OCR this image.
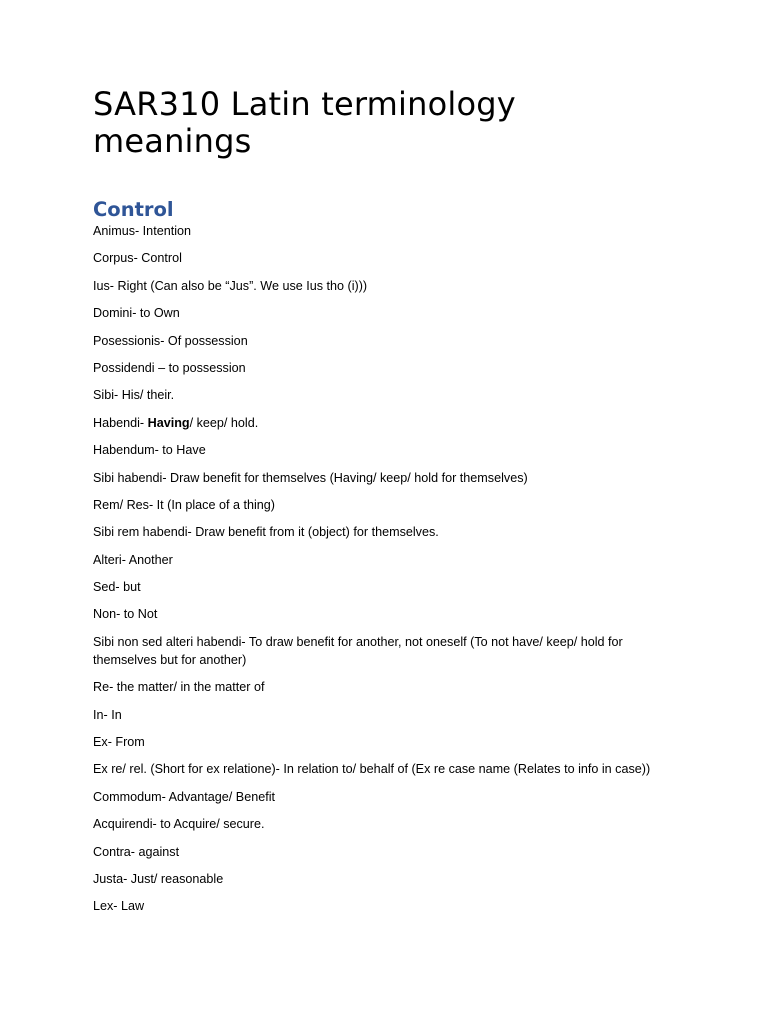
SAR310 Latin terminology meanings
Control

Animus- Intention

Corpus- Control

Ius- Right (Can also be “Jus”. We use Ius tho (i)))

Domini- to Own

Posessionis- Of possession

Possidendi – to possession

Sibi- His/ their.

Habendi- Having/ keep/ hold.

Habendum- to Have

Sibi habendi- Draw benefit for themselves (Having/ keep/ hold for themselves)

Rem/ Res- It (In place of a thing)

Sibi rem habendi- Draw benefit from it (object) for themselves.

Alteri- Another

Sed- but

Non- to Not

Sibi non sed alteri habendi- To draw benefit for another, not oneself (To not have/ keep/ hold for themselves but for another)

Re- the matter/ in the matter of

In- In

Ex- From

Ex re/ rel. (Short for ex relatione)- In relation to/ behalf of (Ex re case name (Relates to info in case))

Commodum- Advantage/ Benefit

Acquirendi- to Acquire/ secure.

Contra- against

Justa- Just/ reasonable

Lex- Law
